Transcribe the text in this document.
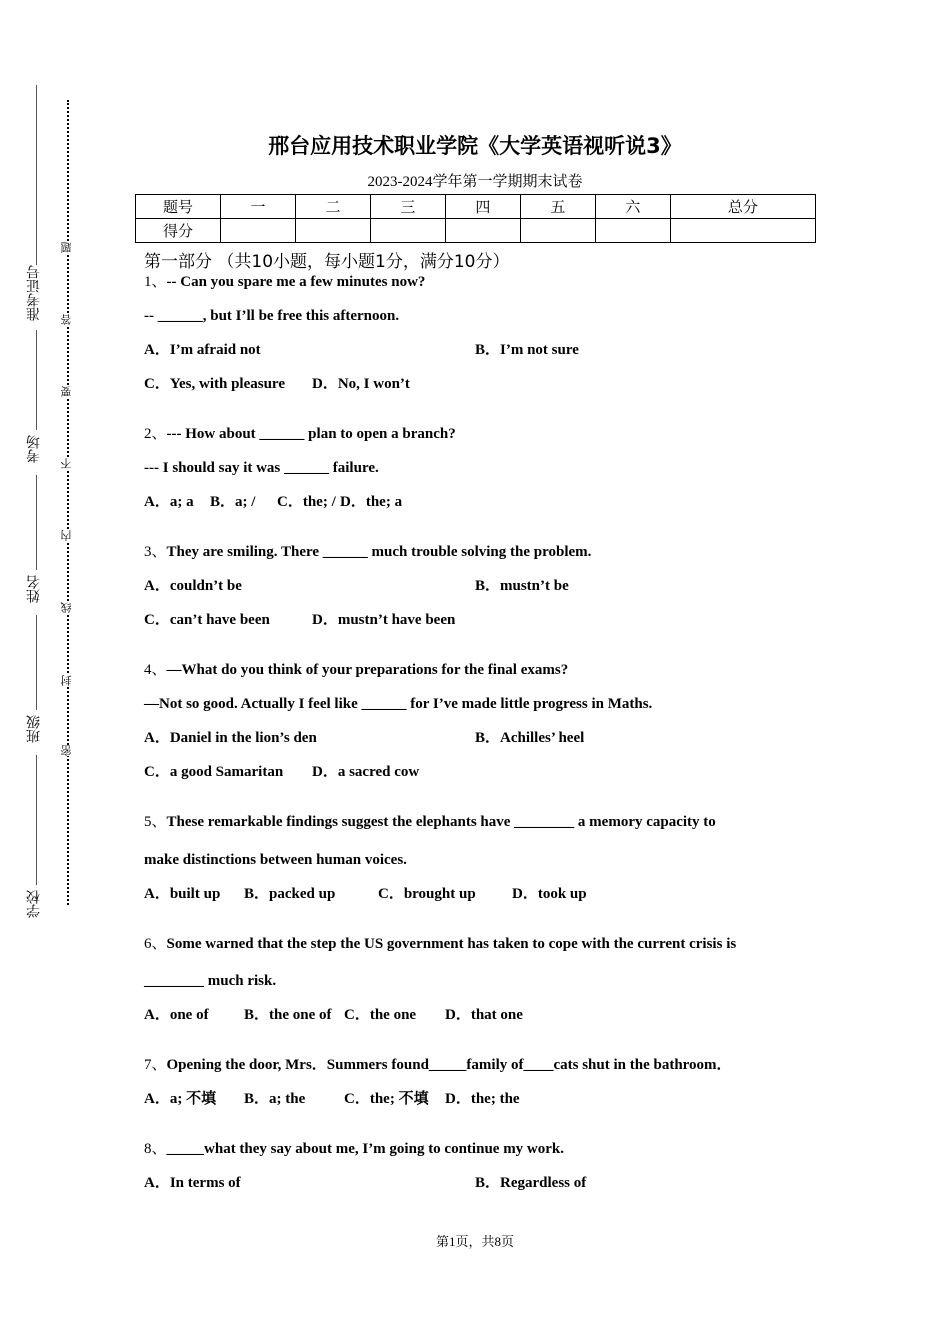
学校
班级
姓名
考场
准考证号
密
封
线
内
不
要
答
题
邢台应用技术职业学院《大学英语视听说3》
2023-2024学年第一学期期末试卷
题号	一	二	三	四	五	六	总分
得分							
第一部分 （共10小题，每小题1分，满分10分）
1、-- Can you spare me a few minutes now?
-- ______, but I’ll be free this afternoon.
A．I’m afraid not	B．I’m not sure
C．Yes, with pleasure D．No, I won’t
2、--- How about ______ plan to open a branch?
--- I should say it was ______ failure.
A．a; a B．a; / C．the; / D．the; a
3、They are smiling. There ______ much trouble solving the problem.
A．couldn’t be	B．mustn’t be
C．can’t have been	D．mustn’t have been
4、—What do you think of your preparations for the final exams?
—Not so good. Actually I feel like ______ for I’ve made little progress in Maths.
A．Daniel in the lion’s den	B．Achilles’ heel
C．a good Samaritan D．a sacred cow
5、These remarkable findings suggest the elephants have ________ a memory capacity to
make distinctions between human voices.
A．built up B．packed up	C．brought up D．took up
6、Some warned that the step the US government has taken to cope with the current crisis is
________ much risk.
A．one of B．the one of C．the one D．that one
7、Opening the door, Mrs．Summers found_____family of____cats shut in the bathroom．
A．a; 不填 B．a; the	C．the; 不填 D．the; the
8、_____what they say about me, I’m going to continue my work.
A．In terms of	B．Regardless of
第1页，共8页
